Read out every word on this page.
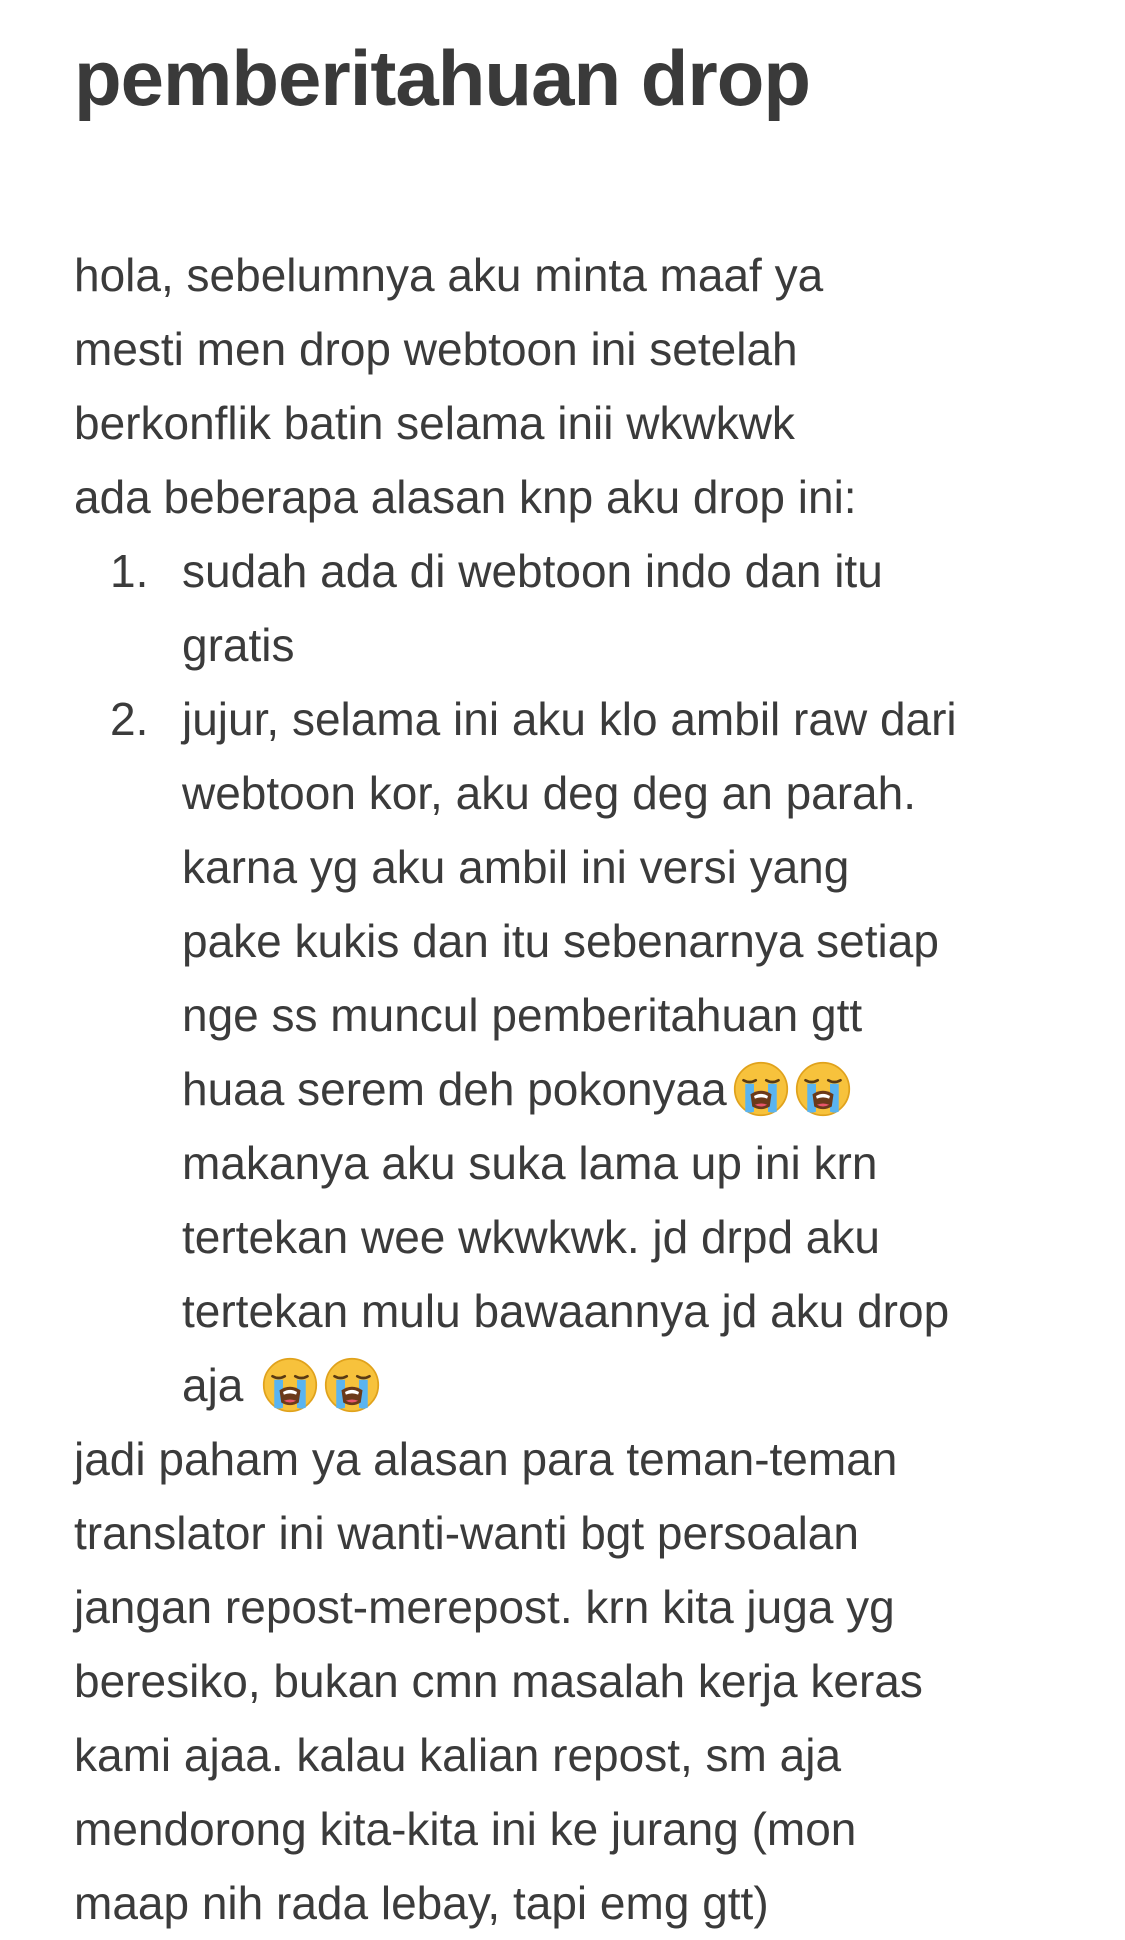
pemberitahuan drop
hola, sebelumnya aku minta maaf ya
mesti men drop webtoon ini setelah
berkonflik batin selama inii wkwkwk
ada beberapa alasan knp aku drop ini:
1. sudah ada di webtoon indo dan itu
gratis
2. jujur, selama ini aku klo ambil raw dari
webtoon kor, aku deg deg an parah.
karna yg aku ambil ini versi yang
pake kukis dan itu sebenarnya setiap
nge ss muncul pemberitahuan gtt
huaa serem deh pokonyaa
makanya aku suka lama up ini krn
tertekan wee wkwkwk. jd drpd aku
tertekan mulu bawaannya jd aku drop
aja
jadi paham ya alasan para teman-teman
translator ini wanti-wanti bgt persoalan
jangan repost-merepost. krn kita juga yg
beresiko, bukan cmn masalah kerja keras
kami ajaa. kalau kalian repost, sm aja
mendorong kita-kita ini ke jurang (mon
maap nih rada lebay, tapi emg gtt)
